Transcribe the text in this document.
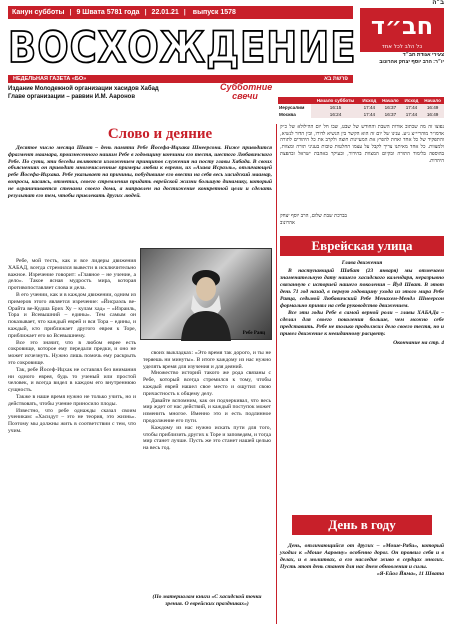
Канун субботы | 9 Швата 5781 года | 22.01.21 | выпуск 1578
ВОСХОЖДЕНИЕ
НЕДЕЛЬНАЯ ГАЗЕТА «БО»	פרשת בא
Издание Молодежной организации хасидов Хабад
Главе организации – раввин И.М. Ааронов
Субботние свечи
ב״ה
חב״ד
כל הלב לכל אחד
צעירי אגודת חב״ד
יו״ר: הרב יוסף יצחק אהרונוב
	Начало субботы	Исход	Начало	Исход	Начало
Иерусалим	16:15	17:44	16:37	17:44	16:49
Москва	16:24	17:44	16:37	17:44	16:49
Слово и деяние

Десятое число месяца Шват – день памяти Ребе Йосефа-Ицхака Шнеерсона. Ниже приводится фрагмент маамара, произнесенного нашим Ребе в годовщину кончины его тестя, шестого Любавичского Ребе. По сути, эти беседы являются изложением принципов служения на посту главы Хабада. В своих объяснениях он приводит многочисленные примеры любви к евреям, их «Ахава Исраэль», отличающей ребе Йосефа-Ицхака. Ребе указывает на причины, побудившие его ввести на себя весь хасидский маамар, вопросы, касаясь, отметил, своего стремления придать еврейской жизни большую динамику, который не ограничивается стенами своего дома, а направлен на достижение конкретной цели и сделать результат его тем, чтобы привлекать других людей.

Ребе, мой тесть, как и все лидеры движения ХАБАД, всегда стремился вывести в исключительно важное. Изречение говорит: «Главное – не учение, а дело». Такое ясная мудрость мира, которая противопоставляет слова и дела.

В его учении, как и в каждом движении, одним из примеров этого является изречение: «Йисраэль ве-Орайта ве-Кудша Брих Ху – кулам хад» – «Израиль, Тора и Всевышний – едины». Тем самым он показывает, что каждый еврей и вся Тора – едины, и каждый, кто приближает другого еврея к Торе, приближает его ко Всевышнему.

Все это значит, что в любом еврее есть сокровище, которое ему передали предки, и оно не может исчезнуть. Нужно лишь помочь ему раскрыть это сокровище.

Так, ребе Йосеф-Ицхак не оставлял без внимания ни одного еврея, будь то ученый или простой человек, и всегда видел в каждом его внутреннюю сущность.

Также в наше время нужно не только учить, но и действовать, чтобы учение приносило плоды.

Известно, что ребе однажды сказал своим ученикам: «Хасидут – это не теория, это жизнь». Поэтому мы должны жить в соответствии с тем, что учим.

Ребе Раяц

своих выкладках: «Это время так дорого, и ты не теряешь ни минуты». В итоге каждому из нас нужно уделять время для изучения и для деяний.

Множество историй такого же рода связаны с Ребе, который всегда стремился к тому, чтобы каждый еврей нашел свое место и ощутил свою причастность к общему делу.

Давайте вспомним, как он подчеркивал, что весь мир ждет от нас действий, и каждый поступок может изменить многое. Именно это и есть подлинное продолжение его пути.

Каждому из нас нужно искать пути для того, чтобы приблизить других к Торе и заповедям, и тогда мир станет лучше. Пусть же это станет нашей целью на весь год.

(По материалам книги «С хасидской точки зрения. О еврейских праздниках»)
נפוצו זה מה שכתוב אודות השבת והחודש של שבט, שבו חל יום ההילולא של כ״ק אדמו״ר מוהריי״צ נ״ע. ענינו של יום זה הוא הקשר בין הנשיא לדורו, ובין הדור לנשיא, והתפקיד של כל אחד ואחת להפיץ את המעיינות חוצה ולקרב את כל היהודים לתורה ולמצוות. כל אחד מאיתנו צריך לקבל על עצמו החלטות טובות בעניני תורה ומצוות, בהוספה בלימוד התורה ובקיום המצוות בהידור, ובעיקר באהבת ישראל ובהפצת היהדות.
בברכת שבת שלום, הרב יוסף יצחק אהרונוב
Еврейская улица
Глава движения

В наступающий Шабат (23 января) мы отмечаем знаменательную дату нашего хасидского календаря, неразрывно связанную с историей нашего поколения – Йуд Шват. В этот день 71 год назад, в первую годовщину ухода из этого мира Ребе Раяца, седьмой Любавичский Ребе Менахем-Мендл Шнеерсон формально принял на себя руководство движением.

Все эти годы Ребе в самой верной роли – главы ХАБАДа – сделал для своего поколения больше, чем можно себе представить. Ребе не только продолжил дело своего тестя, но и привел движение к невиданному расцвету.

Окончание на стр. 4
День в году

День, отличающийся от других – «Моше-Раби», который уходил к «Моше Ааровну» особенно дорог. Он проявил себя и в делах, и в молитвах, а его наследие живо в сердцах многих. Пусть этот день станет для нас днем обновления и силы.

«Я-Ейол Йяма», 11 Швата
